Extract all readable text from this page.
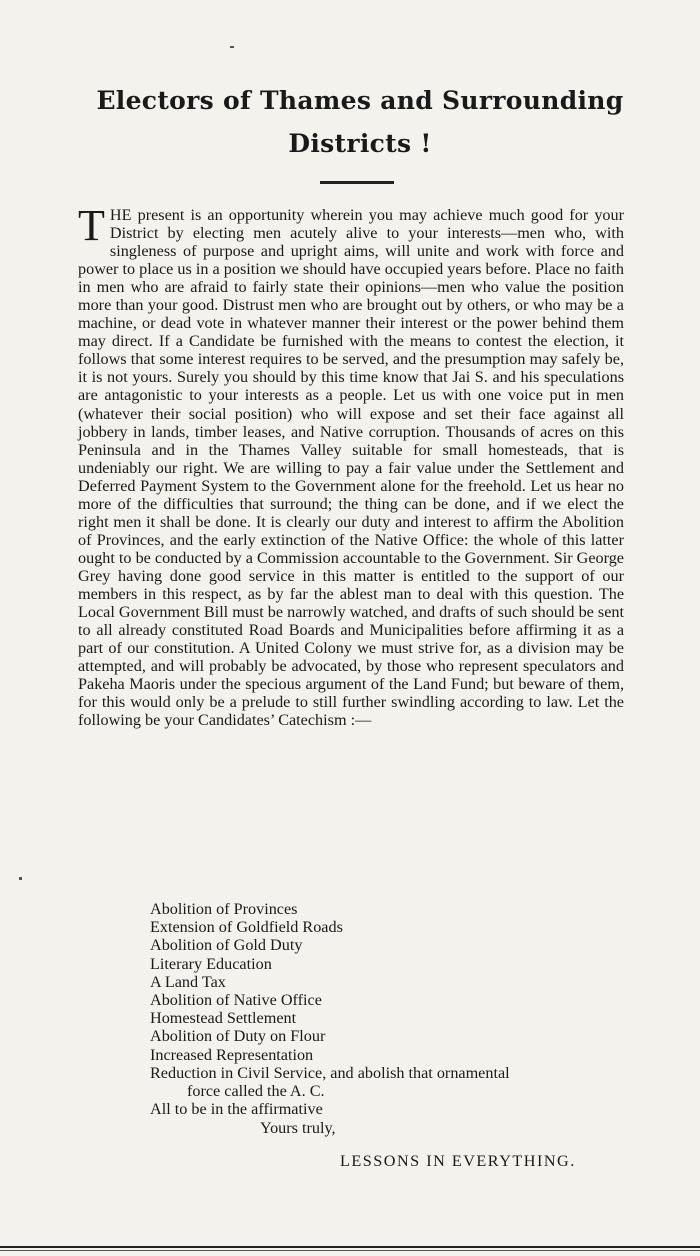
Electors of Thames and Surrounding
Districts !

THE present is an opportunity wherein you may achieve much good for your District by electing men acutely alive to your interests—men who, with singleness of purpose and upright aims, will unite and work with force and power to place us in a position we should have occupied years before. Place no faith in men who are afraid to fairly state their opinions—men who value the position more than your good. Distrust men who are brought out by others, or who may be a machine, or dead vote in whatever manner their interest or the power behind them may direct. If a Candidate be furnished with the means to contest the election, it follows that some interest requires to be served, and the presumption may safely be, it is not yours. Surely you should by this time know that Jai S. and his speculations are antagonistic to your interests as a people. Let us with one voice put in men (whatever their social position) who will expose and set their face against all jobbery in lands, timber leases, and Native corruption. Thousands of acres on this Peninsula and in the Thames Valley suitable for small homesteads, that is undeniably our right. We are willing to pay a fair value under the Settlement and Deferred Payment System to the Government alone for the freehold. Let us hear no more of the difficulties that surround; the thing can be done, and if we elect the right men it shall be done. It is clearly our duty and interest to affirm the Abolition of Provinces, and the early extinction of the Native Office: the whole of this latter ought to be conducted by a Commission accountable to the Government. Sir George Grey having done good service in this matter is entitled to the support of our members in this respect, as by far the ablest man to deal with this question. The Local Government Bill must be narrowly watched, and drafts of such should be sent to all already constituted Road Boards and Municipalities before affirming it as a part of our constitution. A United Colony we must strive for, as a division may be attempted, and will probably be advocated, by those who represent speculators and Pakeha Maoris under the specious argument of the Land Fund; but beware of them, for this would only be a prelude to still further swindling according to law. Let the following be your Candidates’ Catechism :—

Abolition of Provinces
Extension of Goldfield Roads
Abolition of Gold Duty
Literary Education
A Land Tax
Abolition of Native Office
Homestead Settlement
Abolition of Duty on Flour
Increased Representation
Reduction in Civil Service, and abolish that ornamental
force called the A. C.
All to be in the affirmative
Yours truly,
LESSONS IN EVERYTHING.
